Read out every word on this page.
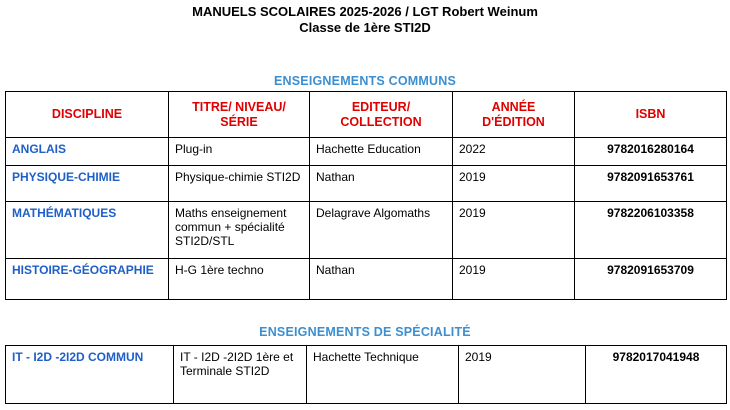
MANUELS SCOLAIRES 2025-2026 / LGT Robert Weinum
Classe de 1ère STI2D
ENSEIGNEMENTS COMMUNS
DISCIPLINE	TITRE/ NIVEAU/ SÉRIE	EDITEUR/ COLLECTION	ANNÉE D'ÉDITION	ISBN
ANGLAIS	Plug-in	Hachette Education	2022	9782016280164
PHYSIQUE-CHIMIE	Physique-chimie STI2D	Nathan	2019	9782091653761
MATHÉMATIQUES	Maths enseignement commun + spécialité STI2D/STL	Delagrave Algomaths	2019	9782206103358
HISTOIRE-GÉOGRAPHIE	H-G 1ère techno	Nathan	2019	9782091653709
ENSEIGNEMENTS DE SPÉCIALITÉ
IT - I2D -2I2D COMMUN	IT - I2D -2I2D 1ère et Terminale STI2D	Hachette Technique	2019	9782017041948
